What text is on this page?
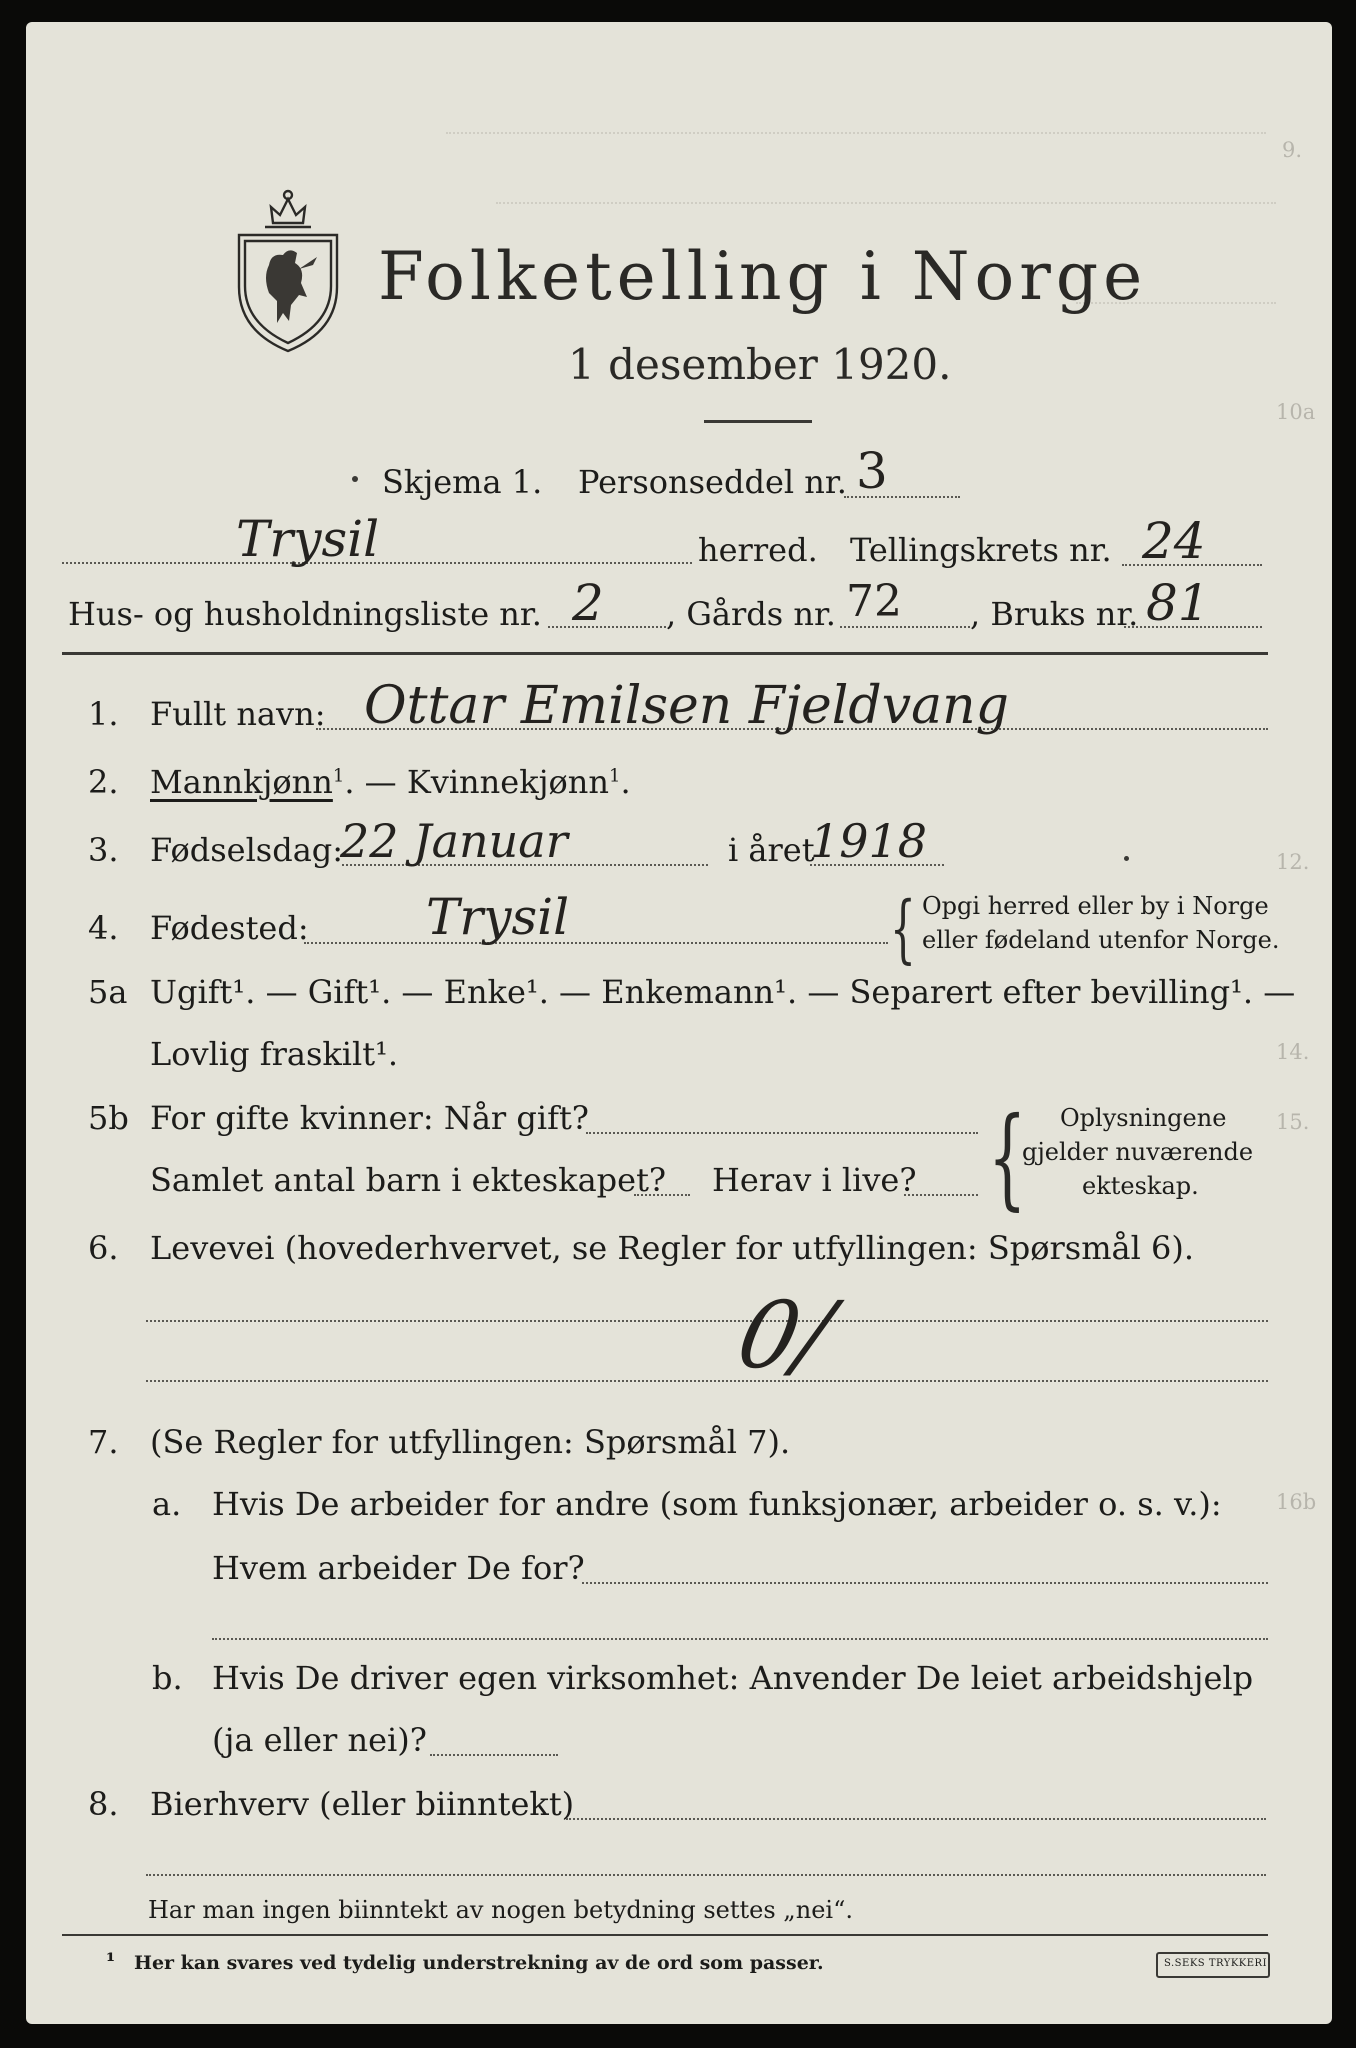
9.
10a
12.
14.
15.
16b
Folketelling i Norge
1 desember 1920.
Skjema 1. Personseddel nr. 3
Trysil	herred. Tellingskrets nr. 24
Hus- og husholdningsliste nr. 2 , Gårds nr. 72 , Bruks nr. 81
1. Fullt navn: Ottar Emilsen Fjeldvang
2. Mannkjønn$^1$. — Kvinnekjønn$^1$.
3. Fødselsdag:
22 Januar	i året
1918
4. Fødested: Trysil	{ Opgi herred eller by i Norge
eller fødeland utenfor Norge.
5a Ugift¹. — Gift¹. — Enke¹. — Enkemann¹. — Separert efter bevilling¹. —
Lovlig fraskilt¹.
5b For gifte kvinner: Når gift?
Samlet antal barn i ekteskapet? Herav i live? { Oplysningene
gjelder nuværende
ekteskap.
6. Levevei (hovederhvervet, se Regler for utfyllingen: Spørsmål 6).
0/
7. (Se Regler for utfyllingen: Spørsmål 7).
a. Hvis De arbeider for andre (som funksjonær, arbeider o. s. v.):
Hvem arbeider De for?
b. Hvis De driver egen virksomhet: Anvender De leiet arbeidshjelp
(ja eller nei)?
8. Bierhverv (eller biinntekt)
Har man ingen biinntekt av nogen betydning settes „nei“.
¹ Her kan svares ved tydelig understrekning av de ord som passer.	S.SEKS TRYKKERI
